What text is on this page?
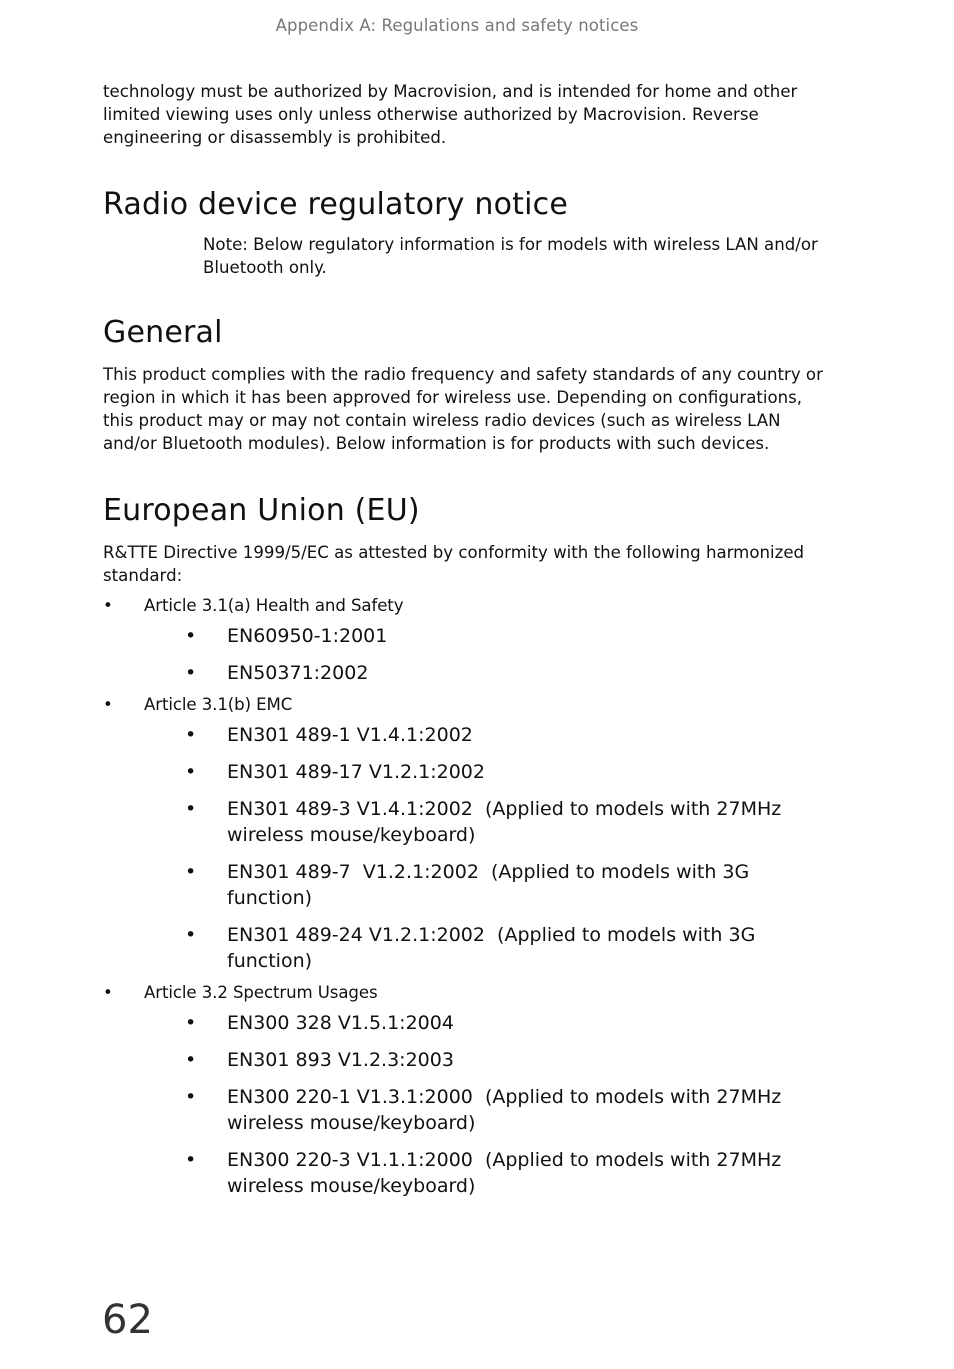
Appendix A: Regulations and safety notices

technology must be authorized by Macrovision, and is intended for home and other limited viewing uses only unless otherwise authorized by Macrovision. Reverse engineering or disassembly is prohibited.

Radio device regulatory notice

Note: Below regulatory information is for models with wireless LAN and/or Bluetooth only.

General

This product complies with the radio frequency and safety standards of any country or region in which it has been approved for wireless use. Depending on configurations, this product may or may not contain wireless radio devices (such as wireless LAN and/or Bluetooth modules). Below information is for products with such devices.

European Union (EU)

R&TTE Directive 1999/5/EC as attested by conformity with the following harmonized standard:

• Article 3.1(a) Health and Safety
• EN60950-1:2001
• EN50371:2002
• Article 3.1(b) EMC
• EN301 489-1 V1.4.1:2002
• EN301 489-17 V1.2.1:2002
• EN301 489-3 V1.4.1:2002  (Applied to models with 27MHz wireless mouse/keyboard)
• EN301 489-7  V1.2.1:2002  (Applied to models with 3G function)
• EN301 489-24 V1.2.1:2002  (Applied to models with 3G function)
• Article 3.2 Spectrum Usages
• EN300 328 V1.5.1:2004
• EN301 893 V1.2.3:2003
• EN300 220-1 V1.3.1:2000  (Applied to models with 27MHz wireless mouse/keyboard)
• EN300 220-3 V1.1.1:2000  (Applied to models with 27MHz wireless mouse/keyboard)
62
